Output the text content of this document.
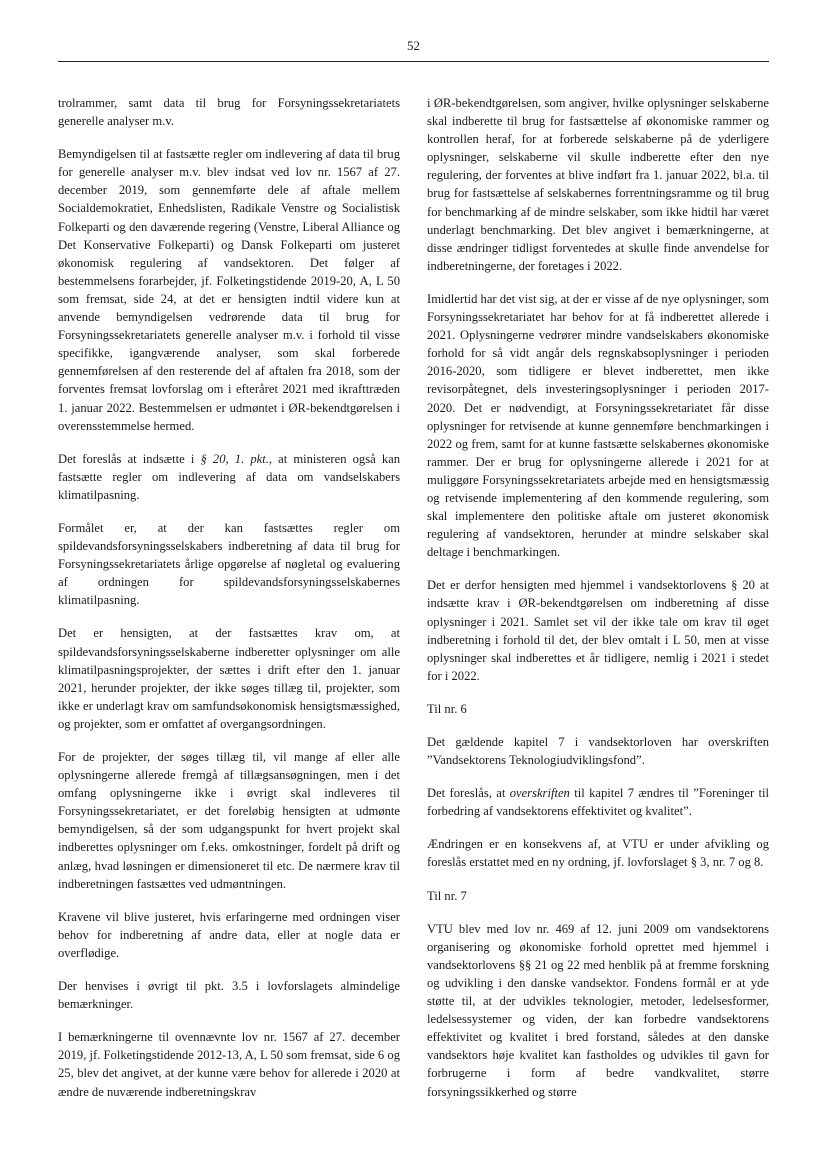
52

trolrammer, samt data til brug for Forsyningssekretariatets generelle analyser m.v.

Bemyndigelsen til at fastsætte regler om indlevering af data til brug for generelle analyser m.v. blev indsat ved lov nr. 1567 af 27. december 2019, som gennemførte dele af aftale mellem Socialdemokratiet, Enhedslisten, Radikale Venstre og Socialistisk Folkeparti og den daværende regering (Venstre, Liberal Alliance og Det Konservative Folkeparti) og Dansk Folkeparti om justeret økonomisk regulering af vandsektoren. Det følger af bestemmelsens forarbejder, jf. Folketingstidende 2019-20, A, L 50 som fremsat, side 24, at det er hensigten indtil videre kun at anvende bemyndigelsen vedrørende data til brug for Forsyningssekretariatets generelle analyser m.v. i forhold til visse specifikke, igangværende analyser, som skal forberede gennemførelsen af den resterende del af aftalen fra 2018, som der forventes fremsat lovforslag om i efteråret 2021 med ikrafttræden 1. januar 2022. Bestemmelsen er udmøntet i ØR-bekendtgørelsen i overensstemmelse hermed.

Det foreslås at indsætte i § 20, 1. pkt., at ministeren også kan fastsætte regler om indlevering af data om vandselskabers klimatilpasning.

Formålet er, at der kan fastsættes regler om spildevandsforsyningsselskabers indberetning af data til brug for Forsyningssekretariatets årlige opgørelse af nøgletal og evaluering af ordningen for spildevandsforsyningsselskabernes klimatilpasning.

Det er hensigten, at der fastsættes krav om, at spildevandsforsyningsselskaberne indberetter oplysninger om alle klimatilpasningsprojekter, der sættes i drift efter den 1. januar 2021, herunder projekter, der ikke søges tillæg til, projekter, som ikke er underlagt krav om samfundsøkonomisk hensigtsmæssighed, og projekter, som er omfattet af overgangsordningen.

For de projekter, der søges tillæg til, vil mange af eller alle oplysningerne allerede fremgå af tillægsansøgningen, men i det omfang oplysningerne ikke i øvrigt skal indleveres til Forsyningssekretariatet, er det foreløbig hensigten at udmønte bemyndigelsen, så der som udgangspunkt for hvert projekt skal indberettes oplysninger om f.eks. omkostninger, fordelt på drift og anlæg, hvad løsningen er dimensioneret til etc. De nærmere krav til indberetningen fastsættes ved udmøntningen.

Kravene vil blive justeret, hvis erfaringerne med ordningen viser behov for indberetning af andre data, eller at nogle data er overflødige.

Der henvises i øvrigt til pkt. 3.5 i lovforslagets almindelige bemærkninger.

I bemærkningerne til ovennævnte lov nr. 1567 af 27. december 2019, jf. Folketingstidende 2012-13, A, L 50 som fremsat, side 6 og 25, blev det angivet, at der kunne være behov for allerede i 2020 at ændre de nuværende indberetningskrav

i ØR-bekendtgørelsen, som angiver, hvilke oplysninger selskaberne skal indberette til brug for fastsættelse af økonomiske rammer og kontrollen heraf, for at forberede selskaberne på de yderligere oplysninger, selskaberne vil skulle indberette efter den nye regulering, der forventes at blive indført fra 1. januar 2022, bl.a. til brug for fastsættelse af selskabernes forrentningsramme og til brug for benchmarking af de mindre selskaber, som ikke hidtil har været underlagt benchmarking. Det blev angivet i bemærkningerne, at disse ændringer tidligst forventedes at skulle finde anvendelse for indberetningerne, der foretages i 2022.

Imidlertid har det vist sig, at der er visse af de nye oplysninger, som Forsyningssekretariatet har behov for at få indberettet allerede i 2021. Oplysningerne vedrører mindre vandselskabers økonomiske forhold for så vidt angår dels regnskabsoplysninger i perioden 2016-2020, som tidligere er blevet indberettet, men ikke revisorpåtegnet, dels investeringsoplysninger i perioden 2017-2020. Det er nødvendigt, at Forsyningssekretariatet får disse oplysninger for retvisende at kunne gennemføre benchmarkingen i 2022 og frem, samt for at kunne fastsætte selskabernes økonomiske rammer. Der er brug for oplysningerne allerede i 2021 for at muliggøre Forsyningssekretariatets arbejde med en hensigtsmæssig og retvisende implementering af den kommende regulering, som skal implementere den politiske aftale om justeret økonomisk regulering af vandsektoren, herunder at mindre selskaber skal deltage i benchmarkingen.

Det er derfor hensigten med hjemmel i vandsektorlovens § 20 at indsætte krav i ØR-bekendtgørelsen om indberetning af disse oplysninger i 2021. Samlet set vil der ikke tale om krav til øget indberetning i forhold til det, der blev omtalt i L 50, men at visse oplysninger skal indberettes et år tidligere, nemlig i 2021 i stedet for i 2022.

Til nr. 6

Det gældende kapitel 7 i vandsektorloven har overskriften ”Vandsektorens Teknologiudviklingsfond”.

Det foreslås, at overskriften til kapitel 7 ændres til ”Foreninger til forbedring af vandsektorens effektivitet og kvalitet”.

Ændringen er en konsekvens af, at VTU er under afvikling og foreslås erstattet med en ny ordning, jf. lovforslaget § 3, nr. 7 og 8.

Til nr. 7

VTU blev med lov nr. 469 af 12. juni 2009 om vandsektorens organisering og økonomiske forhold oprettet med hjemmel i vandsektorlovens §§ 21 og 22 med henblik på at fremme forskning og udvikling i den danske vandsektor. Fondens formål er at yde støtte til, at der udvikles teknologier, metoder, ledelsesformer, ledelsessystemer og viden, der kan forbedre vandsektorens effektivitet og kvalitet i bred forstand, således at den danske vandsektors høje kvalitet kan fastholdes og udvikles til gavn for forbrugerne i form af bedre vandkvalitet, større forsyningssikkerhed og større
